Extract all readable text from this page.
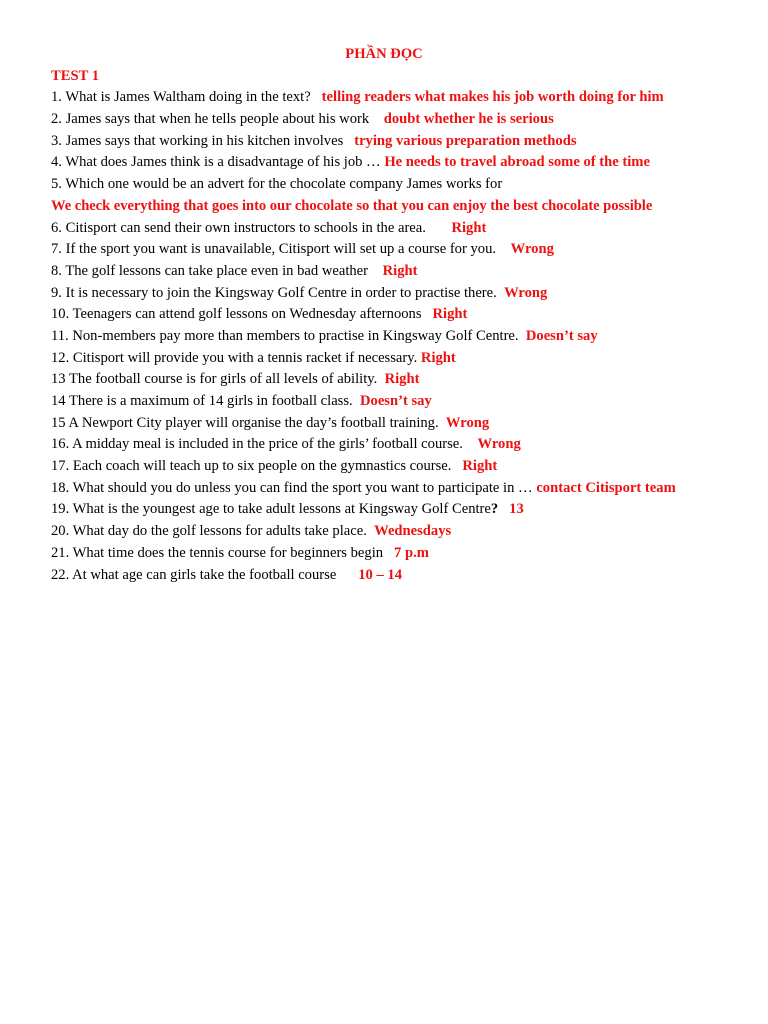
PHẦN ĐỌC
TEST 1
1. What is James Waltham doing in the text? telling readers what makes his job worth doing for him
2. James says that when he tells people about his work doubt whether he is serious
3. James says that working in his kitchen involves trying various preparation methods
4. What does James think is a disadvantage of his job … He needs to travel abroad some of the time
5. Which one would be an advert for the chocolate company James works for
We check everything that goes into our chocolate so that you can enjoy the best chocolate possible
6. Citisport can send their own instructors to schools in the area. Right
7. If the sport you want is unavailable, Citisport will set up a course for you. Wrong
8. The golf lessons can take place even in bad weather Right
9. It is necessary to join the Kingsway Golf Centre in order to practise there. Wrong
10. Teenagers can attend golf lessons on Wednesday afternoons Right
11. Non-members pay more than members to practise in Kingsway Golf Centre. Doesn’t say
12. Citisport will provide you with a tennis racket if necessary. Right
13 The football course is for girls of all levels of ability. Right
14 There is a maximum of 14 girls in football class. Doesn’t say
15 A Newport City player will organise the day’s football training. Wrong
16. A midday meal is included in the price of the girls’ football course. Wrong
17. Each coach will teach up to six people on the gymnastics course. Right
18. What should you do unless you can find the sport you want to participate in … contact Citisport team
19. What is the youngest age to take adult lessons at Kingsway Golf Centre? 13
20. What day do the golf lessons for adults take place. Wednesdays
21. What time does the tennis course for beginners begin 7 p.m
22. At what age can girls take the football course 10 – 14
